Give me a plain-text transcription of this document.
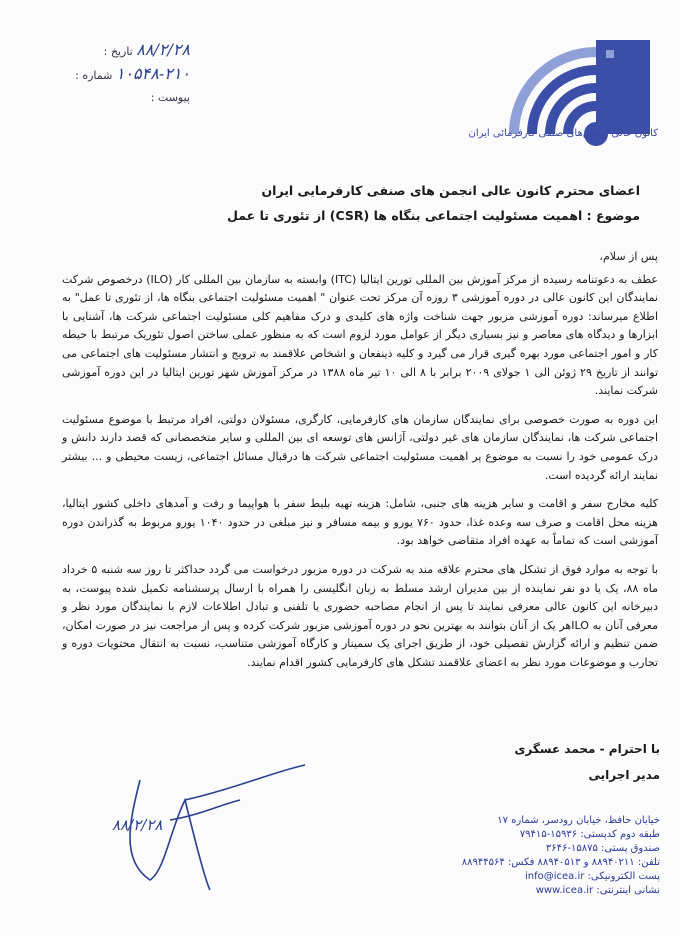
۸۸/۲/۲۸ تاریخ :
۱۰۵۴۸-۲۱۰ شماره :
پیوست :
کانون عالی انجمن‌های صنفی کارفرمائی ایران
اعضای محترم کانون عالی انجمن های صنفی کارفرمایی ایران
موضوع : اهمیت مسئولیت اجتماعی بنگاه ها (CSR) از تئوری تا عمل

پس از سلام،

عطف به دعوتنامه رسیده از مرکز آموزش بین المللی تورین ایتالیا (ITC) وابسته به سازمان بین المللی کار (ILO) درخصوص شرکت نمایندگان این کانون عالی در دوره آموزشی ۳ روزه آن مرکز تحت عنوان " اهمیت مسئولیت اجتماعی بنگاه ها، از تئوری تا عمل" به اطلاع میرساند: دوره آموزشی مزبور جهت شناخت واژه های کلیدی و درک مفاهیم کلی مسئولیت اجتماعی شرکت ها، آشنایی با ابزارها و دیدگاه های معاصر و نیز بسیاری دیگر از عوامل مورد لزوم است که به منظور عملی ساختن اصول تئوریک مرتبط با حیطه کار و امور اجتماعی مورد بهره گیری قرار می گیرد و کلیه ذینفعان و اشخاص علاقمند به ترویج و انتشار مسئولیت های اجتماعی می توانند از تاریخ ۲۹ ژوئن الی ۱ جولای ۲۰۰۹ برابر با ۸ الی ۱۰ تیر ماه ۱۳۸۸ در مرکز آموزش شهر تورین ایتالیا در این دوره آموزشی شرکت نمایند.

این دوره به صورت خصوصی برای نمایندگان سازمان های کارفرمایی، کارگری، مسئولان دولتی، افراد مرتبط با موضوع مسئولیت اجتماعی شرکت ها، نمایندگان سازمان های غیر دولتی، آژانس های توسعه ای بین المللی و سایر متخصصانی که قصد دارند دانش و درک عمومی خود را نسبت به موضوع پر اهمیت مسئولیت اجتماعی شرکت ها درقبال مسائل اجتماعی، زیست محیطی و ... بیشتر نمایند ارائه گردیده است.

کلیه مخارج سفر و اقامت و سایر هزینه های جنبی، شامل: هزینه تهیه بلیط سفر با هواپیما و رفت و آمدهای داخلی کشور ایتالیا، هزینه محل اقامت و صرف سه وعده غذا، حدود ۷۶۰ یورو و بیمه مسافر و نیز مبلغی در حدود ۱۰۴۰ یورو مربوط به گذراندن دوره آموزشی است که تماماً به عهده افراد متقاضی خواهد بود.

با توجه به موارد فوق از تشکل های محترم علاقه مند به شرکت در دوره مزبور درخواست می گردد حداکثر تا روز سه شنبه ۵ خرداد ماه ۸۸، یک یا دو نفر نماینده از بین مدیران ارشد مسلط به زبان انگلیسی را همراه با ارسال پرسشنامه تکمیل شده پیوست، به دبیرخانه این کانون عالی معرفی نمایند تا پس از انجام مصاحبه حضوری یا تلفنی و تبادل اطلاعات لازم با نمایندگان مورد نظر و معرفی آنان به ILOهر یک از آنان بتوانند به بهترین نحو در دوره آموزشی مزبور شرکت کرده و پس از مراجعت نیز در صورت امکان، ضمن تنظیم و ارائه گزارش تفصیلی خود، از طریق اجرای یک سمینار و کارگاه آموزشی متناسب، نسبت به انتقال محتویات دوره و تجارب و موضوعات مورد نظر به اعضای علاقمند تشکل های کارفرمایی کشور اقدام نمایند.

با احترام - محمد عسگری
مدیر اجرایی
۸۸/۲/۲۸	خیابان حافظ، خیابان رودسر، شماره ۱۷
طبقه دوم کدپستی: ۱۵۹۳۶-۷۹۴۱۵
صندوق پستی: ۱۵۸۷۵-۳۶۴۶
تلفن: ۸۸۹۴۰۲۱۱ و ۸۸۹۴۰۵۱۳ فکس: ۸۸۹۴۴۵۶۴
پست الکترونیکی: info@icea.ir
نشانی اینترنتی: www.icea.ir
